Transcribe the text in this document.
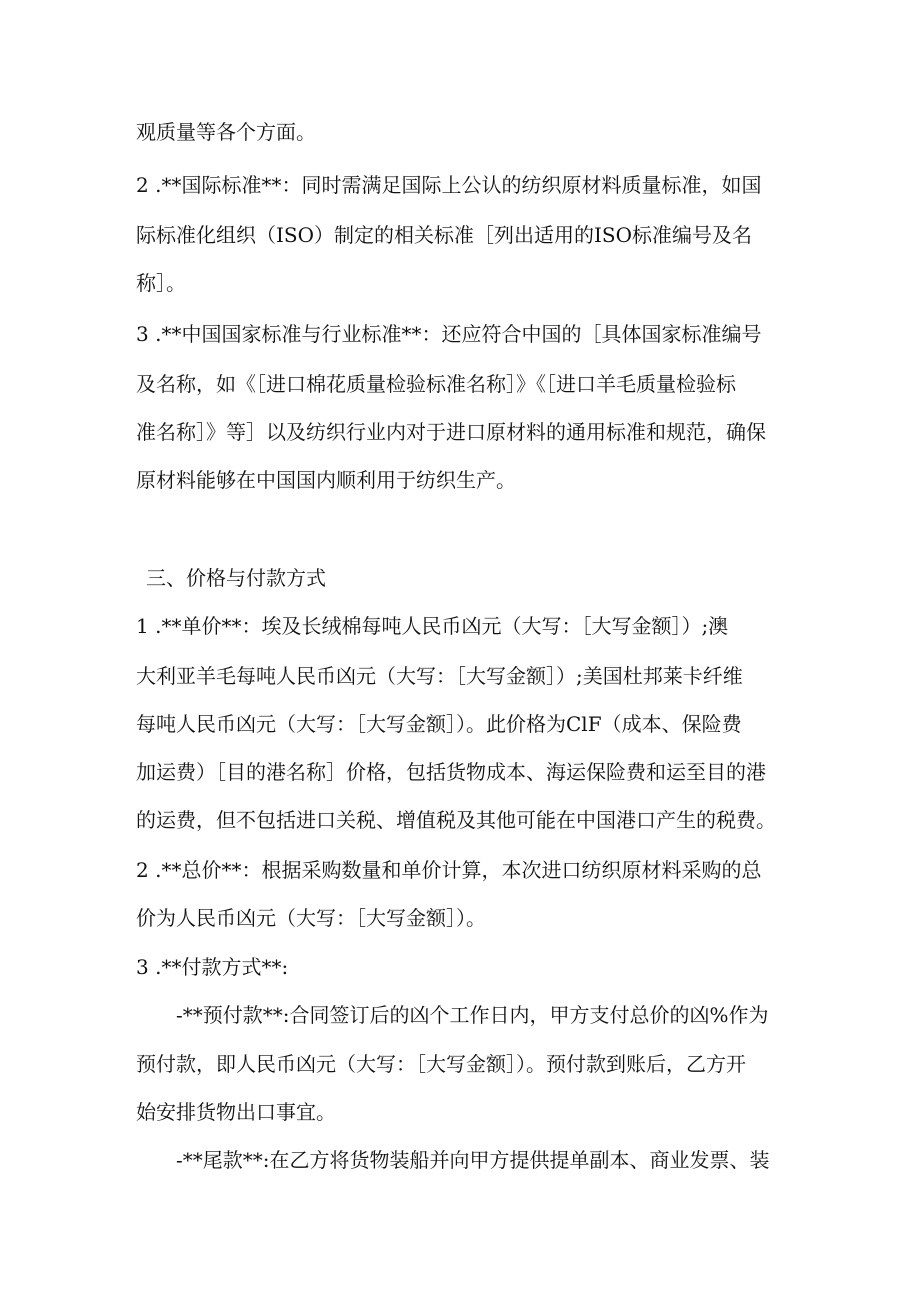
观质量等各个方面。
2 .**国际标准**：同时需满足国际上公认的纺织原材料质量标准，如国
际标准化组织（ISO）制定的相关标准［列出适用的ISO标准编号及名
称］。
3 .**中国国家标准与行业标准**：还应符合中国的［具体国家标准编号
及名称，如《［进口棉花质量检验标准名称］》《［进口羊毛质量检验标
准名称］》等］以及纺织行业内对于进口原材料的通用标准和规范，确保
原材料能够在中国国内顺利用于纺织生产。
三、价格与付款方式
1 .**单价**：埃及长绒棉每吨人民币凶元（大写：［大写金额］）;澳
大利亚羊毛每吨人民币凶元（大写：［大写金额］）;美国杜邦莱卡纤维
每吨人民币凶元（大写：［大写金额］）。此价格为ClF（成本、保险费
加运费）［目的港名称］价格，包括货物成本、海运保险费和运至目的港
的运费，但不包括进口关税、增值税及其他可能在中国港口产生的税费。
2 .**总价**：根据采购数量和单价计算，本次进口纺织原材料采购的总
价为人民币凶元（大写：［大写金额］）。
3 .**付款方式**:
-**预付款**:合同签订后的凶个工作日内，甲方支付总价的凶%作为
预付款，即人民币凶元（大写：［大写金额］）。预付款到账后，乙方开
始安排货物出口事宜。
-**尾款**:在乙方将货物装船并向甲方提供提单副本、商业发票、装
